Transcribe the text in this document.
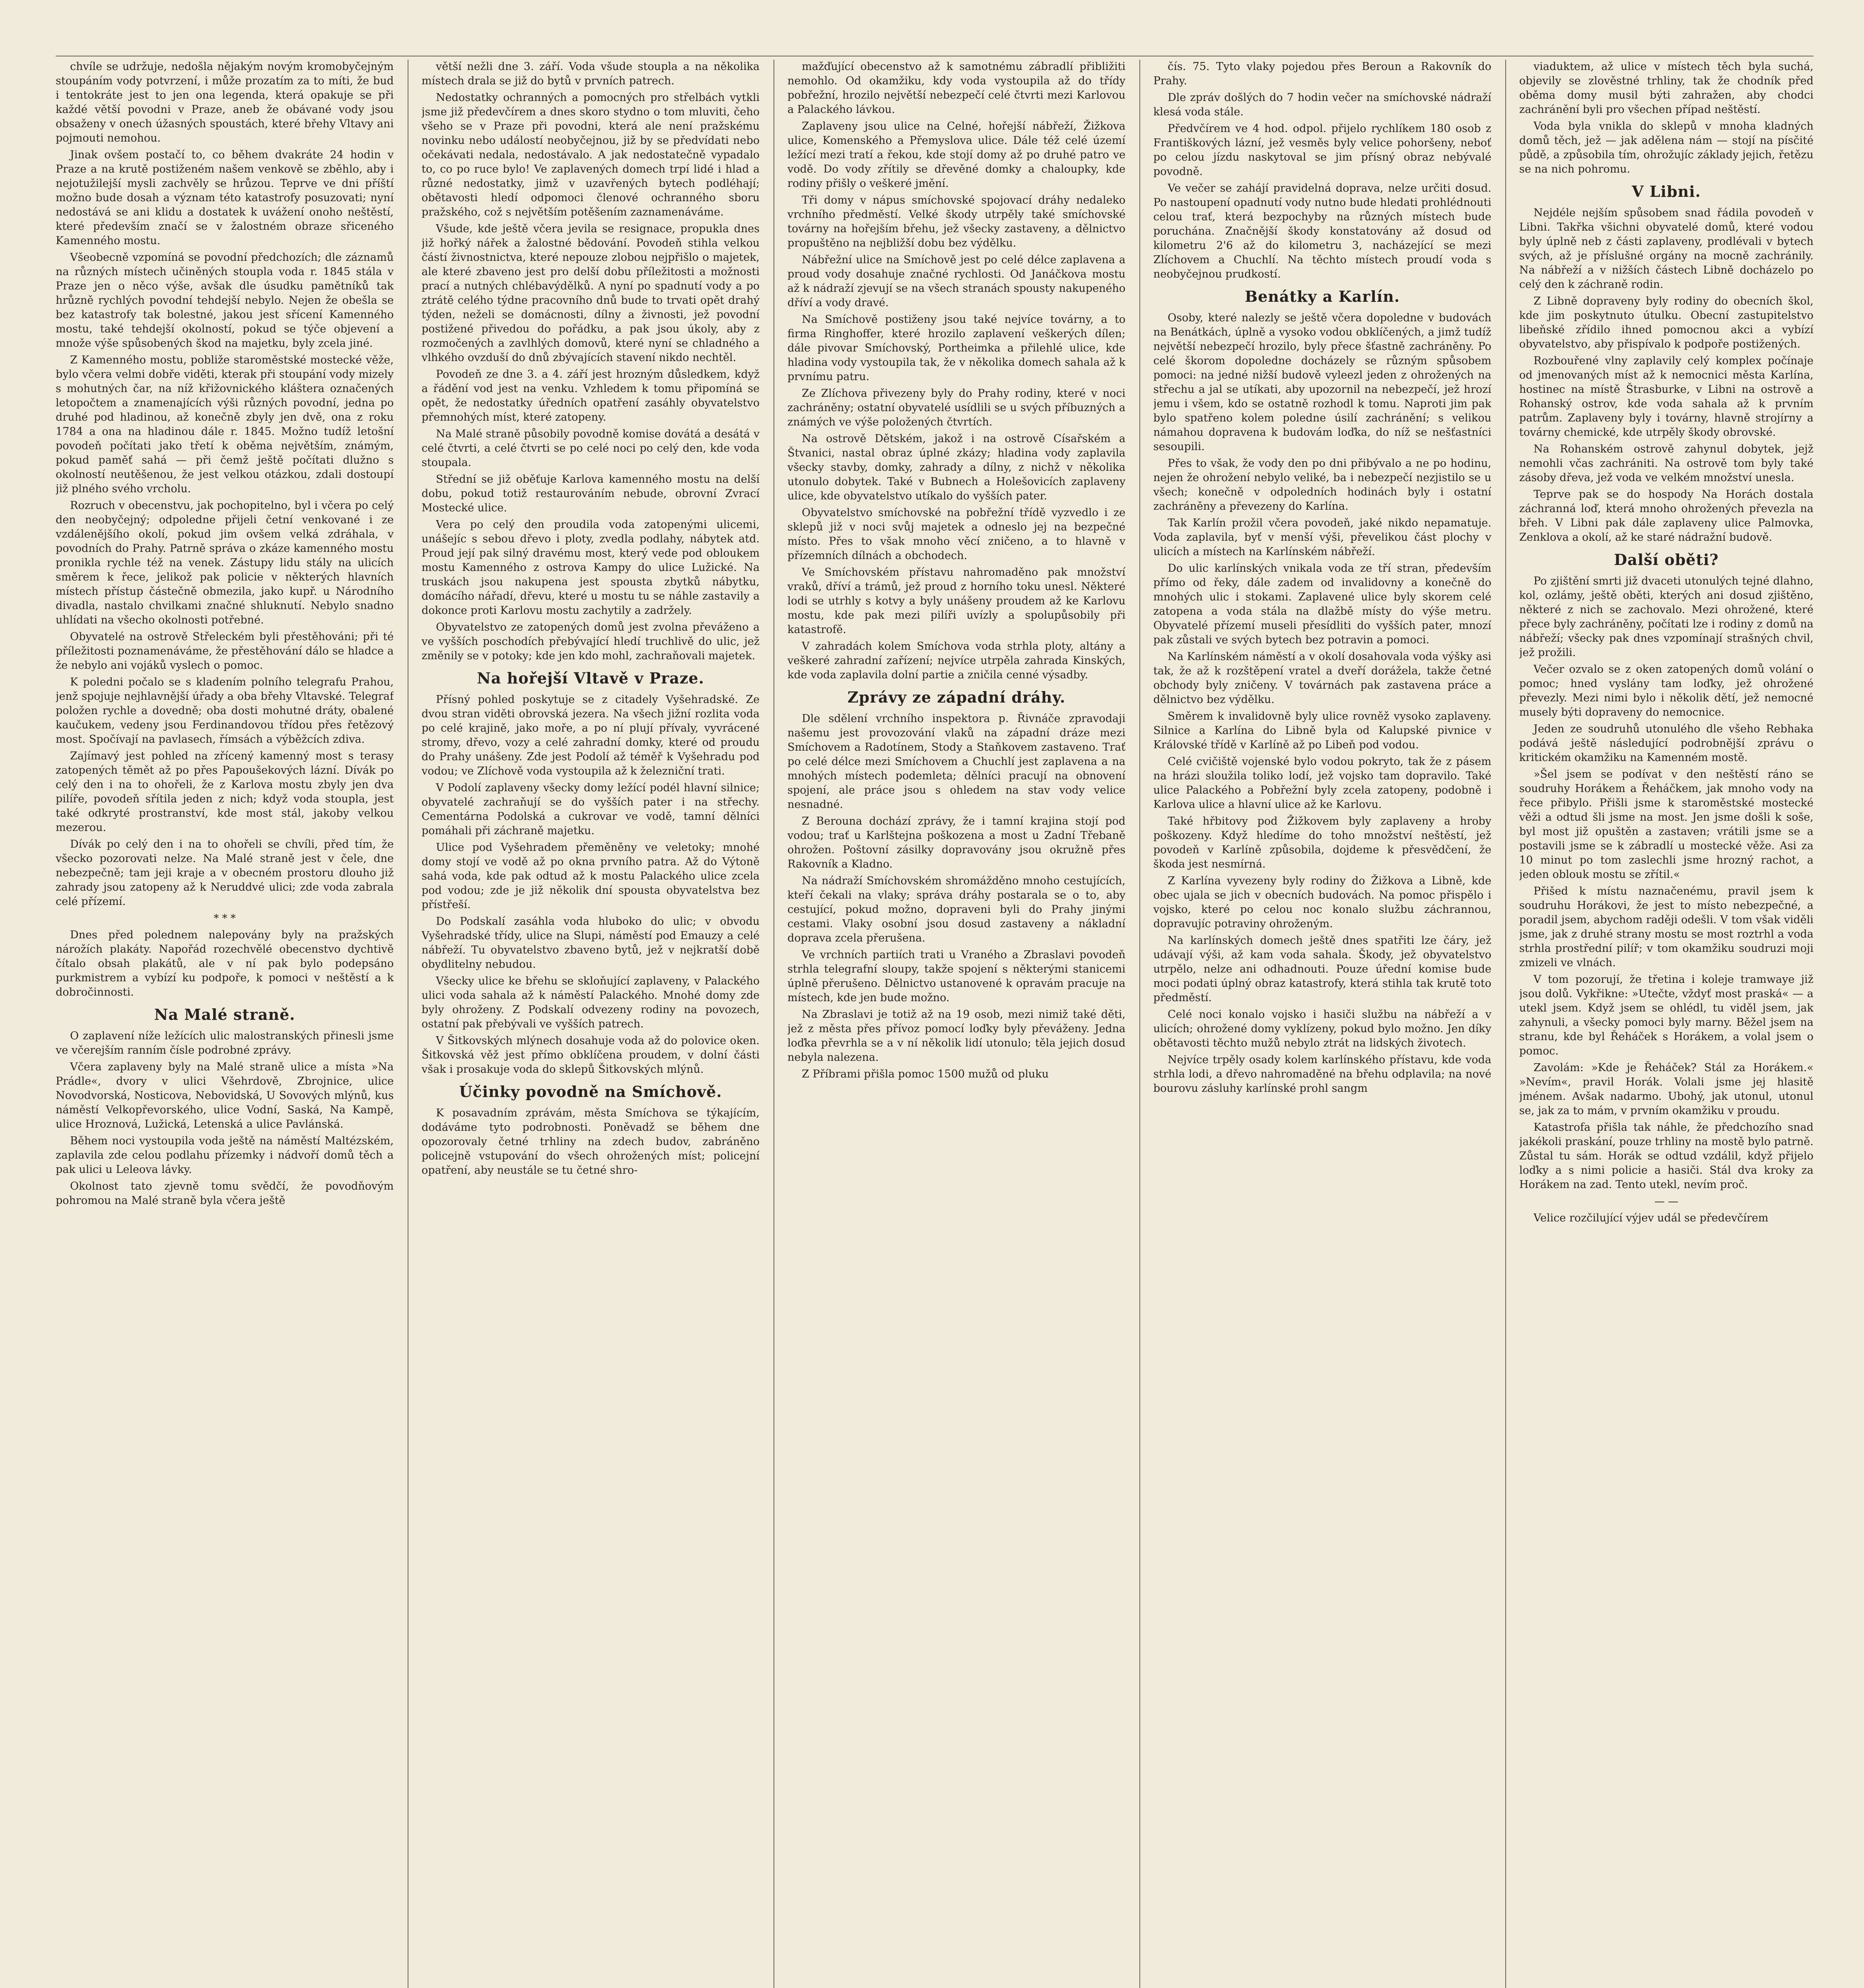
chvíle se udržuje, nedošla nějakým novým kromobyčejným stoupáním vody potvrzení, i může prozatím za to míti, že bud i tentokráte jest to jen ona legenda, která opakuje se při každé větší povodni v Praze, aneb že obávané vody jsou obsaženy v onech úžasných spoustách, které břehy Vltavy ani pojmouti nemohou.

Jinak ovšem postačí to, co během dvakráte 24 hodin v Praze a na krutě postiženém našem venkově se zběhlo, aby i nejotužilejší mysli zachvěly se hrůzou. Teprve ve dni příští možno bude dosah a význam této katastrofy posuzovati; nyní nedostává se ani klidu a dostatek k uvážení onoho neštěstí, které především značí se v žalostném obraze sřiceného Kamenného mostu.

Všeobecně vzpomíná se povodní předchozích; dle záznamů na různých místech učiněných stoupla voda r. 1845 stála v Praze jen o něco výše, avšak dle úsudku pamětníků tak hrůzně rychlých povodní tehdejší nebylo. Nejen že obešla se bez katastrofy tak bolestné, jakou jest sřícení Kamenného mostu, také tehdejší okolností, pokud se týče objevení a množe výše spůsobených škod na majetku, byly zcela jiné.

Z Kamenného mostu, pobliže staroměstské mostecké věže, bylo včera velmi dobře viděti, kterak při stoupání vody mizely s mohutných čar, na níž křižovnického kláštera označených letopočtem a znamenajících výši různých povodní, jedna po druhé pod hladinou, až konečně zbyly jen dvě, ona z roku 1784 a ona na hladinou dále r. 1845. Možno tudíž letošní povodeň počítati jako třetí k oběma největším, známým, pokud paměť sahá — při čemž ještě počítati dlužno s okolností neutěšenou, že jest velkou otázkou, zdali dostoupí již plného svého vrcholu.

Rozruch v obecenstvu, jak pochopitelno, byl i včera po celý den neobyčejný; odpoledne přijeli četní venkované i ze vzdálenějšího okolí, pokud jim ovšem velká zdráhala, v povodních do Prahy. Patrně správa o zkáze kamenného mostu pronikla rychle též na venek. Zástupy lidu stály na ulicích směrem k řece, jelikož pak policie v některých hlavních místech přístup částečně obmezila, jako kupř. u Národního divadla, nastalo chvilkami značné shluknutí. Nebylo snadno uhlídati na všecho okolnosti potřebné.

Obyvatelé na ostrově Střeleckém byli přestěhováni; při té příležitosti poznamenáváme, že přestěhování dálo se hladce a že nebylo ani vojáků vyslech o pomoc.

K poledni počalo se s kladením polního telegrafu Prahou, jenž spojuje nejhlavnější úřady a oba břehy Vltavské. Telegraf položen rychle a dovedně; oba dosti mohutné dráty, obalené kaučukem, vedeny jsou Ferdinandovou třídou přes řetězový most. Spočívají na pavlasech, římsách a výběžcích zdiva.

Zajímavý jest pohled na zřícený kamenný most s terasy zatopených těmět až po přes Papoušekových lázní. Dívák po celý den i na to ohořeli, že z Karlova mostu zbyly jen dva pilíře, povodeň sřítila jeden z nich; když voda stoupla, jest také odkryté prostranství, kde most stál, jakoby velkou mezerou.

Dívák po celý den i na to ohořeli se chvíli, před tím, že všecko pozorovati nelze. Na Malé straně jest v čele, dne nebezpečně; tam jeji kraje a v obecném prostoru dlouho již zahrady jsou zatopeny až k Neruddvé ulici; zde voda zabrala celé přízemí.

* * *

Dnes před polednem nalepovány byly na pražských nárožích plakáty. Napořád rozechvělé obecenstvo dychtivě čítalo obsah plakátů, ale v ní pak bylo podepsáno purkmistrem a vybízí ku podpoře, k pomoci v neštěstí a k dobročinnosti.

Na Malé straně.

O zaplavení níže ležících ulic malostranských přinesli jsme ve včerejším ranním čísle podrobné zprávy.

Včera zaplaveny byly na Malé straně ulice a místa »Na Prádle«, dvory v ulici Všehrdově, Zbrojnice, ulice Novodvorská, Nosticova, Nebovidská, U Sovových mlýnů, kus náměstí Velkopřevorského, ulice Vodní, Saská, Na Kampě, ulice Hroznová, Lužická, Letenská a ulice Pavlánská.

Během noci vystoupila voda ještě na náměstí Maltézském, zaplavila zde celou podlahu přízemky i nádvoří domů těch a pak ulici u Leleova lávky.

Okolnost tato zjevně tomu svědčí, že povodňovým pohromou na Malé straně byla včera ještě

větší nežli dne 3. září. Voda všude stoupla a na několika místech drala se již do bytů v prvních patrech.

Nedostatky ochranných a pomocných pro střelbách vytkli jsme již předevčírem a dnes skoro stydno o tom mluviti, čeho všeho se v Praze při povodni, která ale není pražskému novinku nebo událostí neobyčejnou, již by se předvídati nebo očekávati nedala, nedostávalo. A jak nedostatečně vypadalo to, co po ruce bylo! Ve zaplavených domech trpí lidé i hlad a různé nedostatky, jimž v uzavřených bytech podléhají; obětavosti hledí odpomoci členové ochranného sboru pražského, což s největším potěšením zaznamenáváme.

Všude, kde ještě včera jevila se resignace, propukla dnes již hořký nářek a žalostné bědování. Povodeň stihla velkou částí živnostnictva, které nepouze zlobou nejpřišlo o majetek, ale které zbaveno jest pro delší dobu příležitosti a možnosti prací a nutných chlébavýdělků. A nyní po spadnutí vody a po ztrátě celého týdne pracovního dnů bude to trvati opět drahý týden, neželi se domácnosti, dílny a živnosti, jež povodní postižené přivedou do pořádku, a pak jsou úkoly, aby z rozmočených a zavlhlých domovů, které nyní se chladného a vlhkého ovzduší do dnů zbývajících stavení nikdo nechtěl.

Povodeň ze dne 3. a 4. září jest hrozným důsledkem, když a řádění vod jest na venku. Vzhledem k tomu připomíná se opět, že nedostatky úředních opatření zasáhly obyvatelstvo přemnohých míst, které zatopeny.

Na Malé straně působily povodně komise dovátá a desátá v celé čtvrti, a celé čtvrti se po celé noci po celý den, kde voda stoupala.

Střední se již oběťuje Karlova kamenného mostu na delší dobu, pokud totiž restaurováním nebude, obrovní Zvrací Mostecké ulice.

Vera po celý den proudila voda zatopenými ulicemi, unášejíc s sebou dřevo i ploty, zvedla podlahy, nábytek atd. Proud její pak silný dravému most, který vede pod obloukem mostu Kamenného z ostrova Kampy do ulice Lužické. Na truskách jsou nakupena jest spousta zbytků nábytku, domácího nářadí, dřevu, které u mostu tu se náhle zastavily a dokonce proti Karlovu mostu zachytily a zadržely.

Obyvatelstvo ze zatopených domů jest zvolna převáženo a ve vyšších poschodích přebývající hledí truchlivě do ulic, jež změnily se v potoky; kde jen kdo mohl, zachraňovali majetek.

Na hořejší Vltavě v Praze.

Přísný pohled poskytuje se z citadely Vyšehradské. Ze dvou stran viděti obrovská jezera. Na všech jižní rozlita voda po celé krajině, jako moře, a po ní plují přívaly, vyvrácené stromy, dřevo, vozy a celé zahradní domky, které od proudu do Prahy unášeny. Zde jest Podolí až téměř k Vyšehradu pod vodou; ve Zlíchově voda vystoupila až k železniční trati.

V Podolí zaplaveny všecky domy ležící podél hlavní silnice; obyvatelé zachraňují se do vyšších pater i na střechy. Cementárna Podolská a cukrovar ve vodě, tamní dělníci pomáhali při záchraně majetku.

Ulice pod Vyšehradem přeměněny ve veletoky; mnohé domy stojí ve vodě až po okna prvního patra. Až do Výtoně sahá voda, kde pak odtud až k mostu Palackého ulice zcela pod vodou; zde je již několik dní spousta obyvatelstva bez přístřeší.

Do Podskalí zasáhla voda hluboko do ulic; v obvodu Vyšehradské třídy, ulice na Slupi, náměstí pod Emauzy a celé nábřeží. Tu obyvatelstvo zbaveno bytů, jež v nejkratší době obydlitelny nebudou.

Všecky ulice ke břehu se skloňující zaplaveny, v Palackého ulici voda sahala až k náměstí Palackého. Mnohé domy zde byly ohroženy. Z Podskalí odvezeny rodiny na povozech, ostatní pak přebývali ve vyšších patrech.

V Šitkovských mlýnech dosahuje voda až do polovice oken. Šitkovská věž jest přímo obklíčena proudem, v dolní části však i prosakuje voda do sklepů Šitkovských mlýnů.

Účinky povodně na Smíchově.

K posavadním zprávám, města Smíchova se týkajícím, dodáváme tyto podrobnosti. Poněvadž se během dne opozorovaly četné trhliny na zdech budov, zabráněno policejně vstupování do všech ohrožených míst; policejní opatření, aby neustále se tu četné shro-

mažďující obecenstvo až k samotnému zábradlí přibližiti nemohlo. Od okamžiku, kdy voda vystoupila až do třídy pobřežní, hrozilo největší nebezpečí celé čtvrti mezi Karlovou a Palackého lávkou.

Zaplaveny jsou ulice na Celné, hořejší nábřeží, Žižkova ulice, Komenského a Přemyslova ulice. Dále též celé území ležící mezi tratí a řekou, kde stojí domy až po druhé patro ve vodě. Do vody zřítily se dřevěné domky a chaloupky, kde rodiny přišly o veškeré jmění.

Tři domy v nápus smíchovské spojovací dráhy nedaleko vrchního předměstí. Velké škody utrpěly také smíchovské továrny na hořejším břehu, jež všecky zastaveny, a dělnictvo propuštěno na nejbližší dobu bez výdělku.

Nábřežní ulice na Smíchově jest po celé délce zaplavena a proud vody dosahuje značné rychlosti. Od Janáčkova mostu až k nádraží zjevují se na všech stranách spousty nakupeného dříví a vody dravé.

Na Smíchově postiženy jsou také nejvíce továrny, a to firma Ringhoffer, které hrozilo zaplavení veškerých dílen; dále pivovar Smíchovský, Portheimka a přilehlé ulice, kde hladina vody vystoupila tak, že v několika domech sahala až k prvnímu patru.

Ze Zlíchova přivezeny byly do Prahy rodiny, které v noci zachráněny; ostatní obyvatelé usídlili se u svých příbuzných a známých ve výše položených čtvrtích.

Na ostrově Dětském, jakož i na ostrově Císařském a Štvanici, nastal obraz úplné zkázy; hladina vody zaplavila všecky stavby, domky, zahrady a dílny, z nichž v několika utonulo dobytek. Také v Bubnech a Holešovicích zaplaveny ulice, kde obyvatelstvo utíkalo do vyšších pater.

Obyvatelstvo smíchovské na pobřežní třídě vyzvedlo i ze sklepů již v noci svůj majetek a odneslo jej na bezpečné místo. Přes to však mnoho věcí zničeno, a to hlavně v přízemních dílnách a obchodech.

Ve Smíchovském přístavu nahromaděno pak množství vraků, dříví a trámů, jež proud z horního toku unesl. Některé lodi se utrhly s kotvy a byly unášeny proudem až ke Karlovu mostu, kde pak mezi pilíři uvízly a spolupůsobily při katastrofě.

V zahradách kolem Smíchova voda strhla ploty, altány a veškeré zahradní zařízení; nejvíce utrpěla zahrada Kinských, kde voda zaplavila dolní partie a zničila cenné výsadby.

Zprávy ze západní dráhy.

Dle sdělení vrchního inspektora p. Řivnáče zpravodaji našemu jest provozování vlaků na západní dráze mezi Smíchovem a Radotínem, Stody a Staňkovem zastaveno. Trať po celé délce mezi Smíchovem a Chuchlí jest zaplavena a na mnohých místech podemleta; dělníci pracují na obnovení spojení, ale práce jsou s ohledem na stav vody velice nesnadné.

Z Berouna dochází zprávy, že i tamní krajina stojí pod vodou; trať u Karlštejna poškozena a most u Zadní Třebaně ohrožen. Poštovní zásilky dopravovány jsou okružně přes Rakovník a Kladno.

Na nádraží Smíchovském shromážděno mnoho cestujících, kteří čekali na vlaky; správa dráhy postarala se o to, aby cestující, pokud možno, dopraveni byli do Prahy jinými cestami. Vlaky osobní jsou dosud zastaveny a nákladní doprava zcela přerušena.

Ve vrchních partiích trati u Vraného a Zbraslavi povodeň strhla telegrafní sloupy, takže spojení s některými stanicemi úplně přerušeno. Dělnictvo ustanovené k opravám pracuje na místech, kde jen bude možno.

Na Zbraslavi je totiž až na 19 osob, mezi nimiž také děti, jež z města přes přívoz pomocí loďky byly převáženy. Jedna loďka převrhla se a v ní několik lidí utonulo; těla jejich dosud nebyla nalezena.

Z Příbrami přišla pomoc 1500 mužů od pluku

čís. 75. Tyto vlaky pojedou přes Beroun a Rakovník do Prahy.

Dle zpráv došlých do 7 hodin večer na smíchovské nádraží klesá voda stále.

Předvčírem ve 4 hod. odpol. přijelo rychlíkem 180 osob z Františkových lázní, jež vesměs byly velice pohoršeny, neboť po celou jízdu naskytoval se jim přísný obraz nebývalé povodně.

Ve večer se zahájí pravidelná doprava, nelze určiti dosud. Po nastoupení opadnutí vody nutno bude hledati prohlédnouti celou trať, která bezpochyby na různých místech bude poruchána. Značnější škody konstatovány až dosud od kilometru 2'6 až do kilometru 3, nacházející se mezi Zlíchovem a Chuchlí. Na těchto místech proudí voda s neobyčejnou prudkostí.

Benátky a Karlín.

Osoby, které nalezly se ještě včera dopoledne v budovách na Benátkách, úplně a vysoko vodou obklíčených, a jimž tudíž největší nebezpečí hrozilo, byly přece šťastně zachráněny. Po celé škorom dopoledne docházely se různým spůsobem pomoci: na jedné nižší budově vyleezl jeden z ohrožených na střechu a jal se utíkati, aby upozornil na nebezpečí, jež hrozí jemu i všem, kdo se ostatně rozhodl k tomu. Naproti jim pak bylo spatřeno kolem poledne úsilí zachránění; s velikou námahou dopravena k budovám loďka, do níž se nešťastníci sesoupili.

Přes to však, že vody den po dni přibývalo a ne po hodinu, nejen že ohrožení nebylo veliké, ba i nebezpečí nezjistilo se u všech; konečně v odpoledních hodinách byly i ostatní zachráněny a převezeny do Karlína.

Tak Karlín prožil včera povodeň, jaké nikdo nepamatuje. Voda zaplavila, byť v menší výši, převelikou část plochy v ulicích a místech na Karlínském nábřeží.

Do ulic karlínských vnikala voda ze tří stran, především přímo od řeky, dále zadem od invalidovny a konečně do mnohých ulic i stokami. Zaplavené ulice byly skorem celé zatopena a voda stála na dlažbě místy do výše metru. Obyvatelé přízemí museli přesídliti do vyšších pater, mnozí pak zůstali ve svých bytech bez potravin a pomoci.

Na Karlínském náměstí a v okolí dosahovala voda výšky asi tak, že až k rozštěpení vratel a dveří dorážela, takže četné obchody byly zničeny. V továrnách pak zastavena práce a dělnictvo bez výdělku.

Směrem k invalidovně byly ulice rovněž vysoko zaplaveny. Silnice a Karlína do Libně byla od Kalupské pivnice v Královské třídě v Karlíně až po Libeň pod vodou.

Celé cvičiště vojenské bylo vodou pokryto, tak že z pásem na hrázi sloužila toliko lodí, jež vojsko tam dopravilo. Také ulice Palackého a Pobřežní byly zcela zatopeny, podobně i Karlova ulice a hlavní ulice až ke Karlovu.

Také hřbitovy pod Žižkovem byly zaplaveny a hroby poškozeny. Když hledíme do toho množství neštěstí, jež povodeň v Karlíně způsobila, dojdeme k přesvědčení, že škoda jest nesmírná.

Z Karlína vyvezeny byly rodiny do Žižkova a Libně, kde obec ujala se jich v obecních budovách. Na pomoc přispělo i vojsko, které po celou noc konalo službu záchrannou, dopravujíc potraviny ohroženým.

Na karlínských domech ještě dnes spatřiti lze čáry, jež udávají výši, až kam voda sahala. Škody, jež obyvatelstvo utrpělo, nelze ani odhadnouti. Pouze úřední komise bude moci podati úplný obraz katastrofy, která stihla tak krutě toto předměstí.

Celé noci konalo vojsko i hasiči službu na nábřeží a v ulicích; ohrožené domy vyklízeny, pokud bylo možno. Jen díky obětavosti těchto mužů nebylo ztrát na lidských životech.

Nejvíce trpěly osady kolem karlínského přístavu, kde voda strhla lodi, a dřevo nahromaděné na břehu odplavila; na nové bourovu zásluhy karlínské prohl sangm

viaduktem, až ulice v místech těch byla suchá, objevily se zlověstné trhliny, tak že chodník před oběma domy musil býti zahražen, aby chodci zachránění byli pro všechen případ neštěstí.

Voda byla vnikla do sklepů v mnoha kladných domů těch, jež — jak adělena nám — stojí na písčité půdě, a způsobila tím, ohrožujíc základy jejich, řetězu se na nich pohromu.

V Libni.

Nejdéle nejším spůsobem snad řádila povodeň v Libni. Takřka všichni obyvatelé domů, které vodou byly úplně neb z části zaplaveny, prodlévali v bytech svých, až je příslušné orgány na mocně zachránily. Na nábřeží a v nižších částech Libně docházelo po celý den k záchraně rodin.

Z Libně dopraveny byly rodiny do obecních škol, kde jim poskytnuto útulku. Obecní zastupitelstvo libeňské zřídilo ihned pomocnou akci a vybízí obyvatelstvo, aby přispívalo k podpoře postižených.

Rozbouřené vlny zaplavily celý komplex počínaje od jmenovaných míst až k nemocnici města Karlína, hostinec na místě Štrasburke, v Libni na ostrově a Rohanský ostrov, kde voda sahala až k prvním patrům. Zaplaveny byly i továrny, hlavně strojírny a továrny chemické, kde utrpěly škody obrovské.

Na Rohanském ostrově zahynul dobytek, jejž nemohli včas zachrániti. Na ostrově tom byly také zásoby dřeva, jež voda ve velkém množství unesla.

Teprve pak se do hospody Na Horách dostala záchranná loď, která mnoho ohrožených převezla na břeh. V Libni pak dále zaplaveny ulice Palmovka, Zenklova a okolí, až ke staré nádražní budově.

Další oběti?

Po zjištění smrti již dvaceti utonulých tejné dlahno, kol, ozlámy, ještě oběti, kterých ani dosud zjištěno, některé z nich se zachovalo. Mezi ohrožené, které přece byly zachráněny, počítati lze i rodiny z domů na nábřeží; všecky pak dnes vzpomínají strašných chvil, jež prožili.

Večer ozvalo se z oken zatopených domů volání o pomoc; hned vyslány tam loďky, jež ohrožené převezly. Mezi nimi bylo i několik dětí, jež nemocné musely býti dopraveny do nemocnice.

Jeden ze soudruhů utonulého dle všeho Rebhaka podává ještě následující podrobnější zprávu o kritickém okamžiku na Kamenném mostě.

»Šel jsem se podívat v den neštěstí ráno se soudruhy Horákem a Řeháčkem, jak mnoho vody na řece přibylo. Přišli jsme k staroměstské mostecké věži a odtud šli jsme na most. Jen jsme došli k soše, byl most již opuštěn a zastaven; vrátili jsme se a postavili jsme se k zábradlí u mostecké věže. Asi za 10 minut po tom zaslechli jsme hrozný rachot, a jeden oblouk mostu se zřítil.«

Přišed k místu naznačenému, pravil jsem k soudruhu Horákovi, že jest to místo nebezpečné, a poradil jsem, abychom raději odešli. V tom však viděli jsme, jak z druhé strany mostu se most roztrhl a voda strhla prostřední pilíř; v tom okamžiku soudruzi moji zmizeli ve vlnách.

V tom pozorují, že třetina i koleje tramwaye již jsou dolů. Vykřikne: »Utečte, vždyť most praská« — a utekl jsem. Když jsem se ohlédl, tu viděl jsem, jak zahynuli, a všecky pomoci byly marny. Běžel jsem na stranu, kde byl Řeháček s Horákem, a volal jsem o pomoc.

Zavolám: »Kde je Řeháček? Stál za Horákem.« »Nevím«, pravil Horák. Volali jsme jej hlasitě jménem. Avšak nadarmo. Ubohý, jak utonul, utonul se, jak za to mám, v prvním okamžiku v proudu.

Katastrofa přišla tak náhle, že předchozího snad jakékoli praskání, pouze trhliny na mostě bylo patrně. Zůstal tu sám. Horák se odtud vzdálil, když přijelo loďky a s nimi policie a hasiči. Stál dva kroky za Horákem na zad. Tento utekl, nevím proč.

— —

Velice rozčilující výjev udál se předevčírem
